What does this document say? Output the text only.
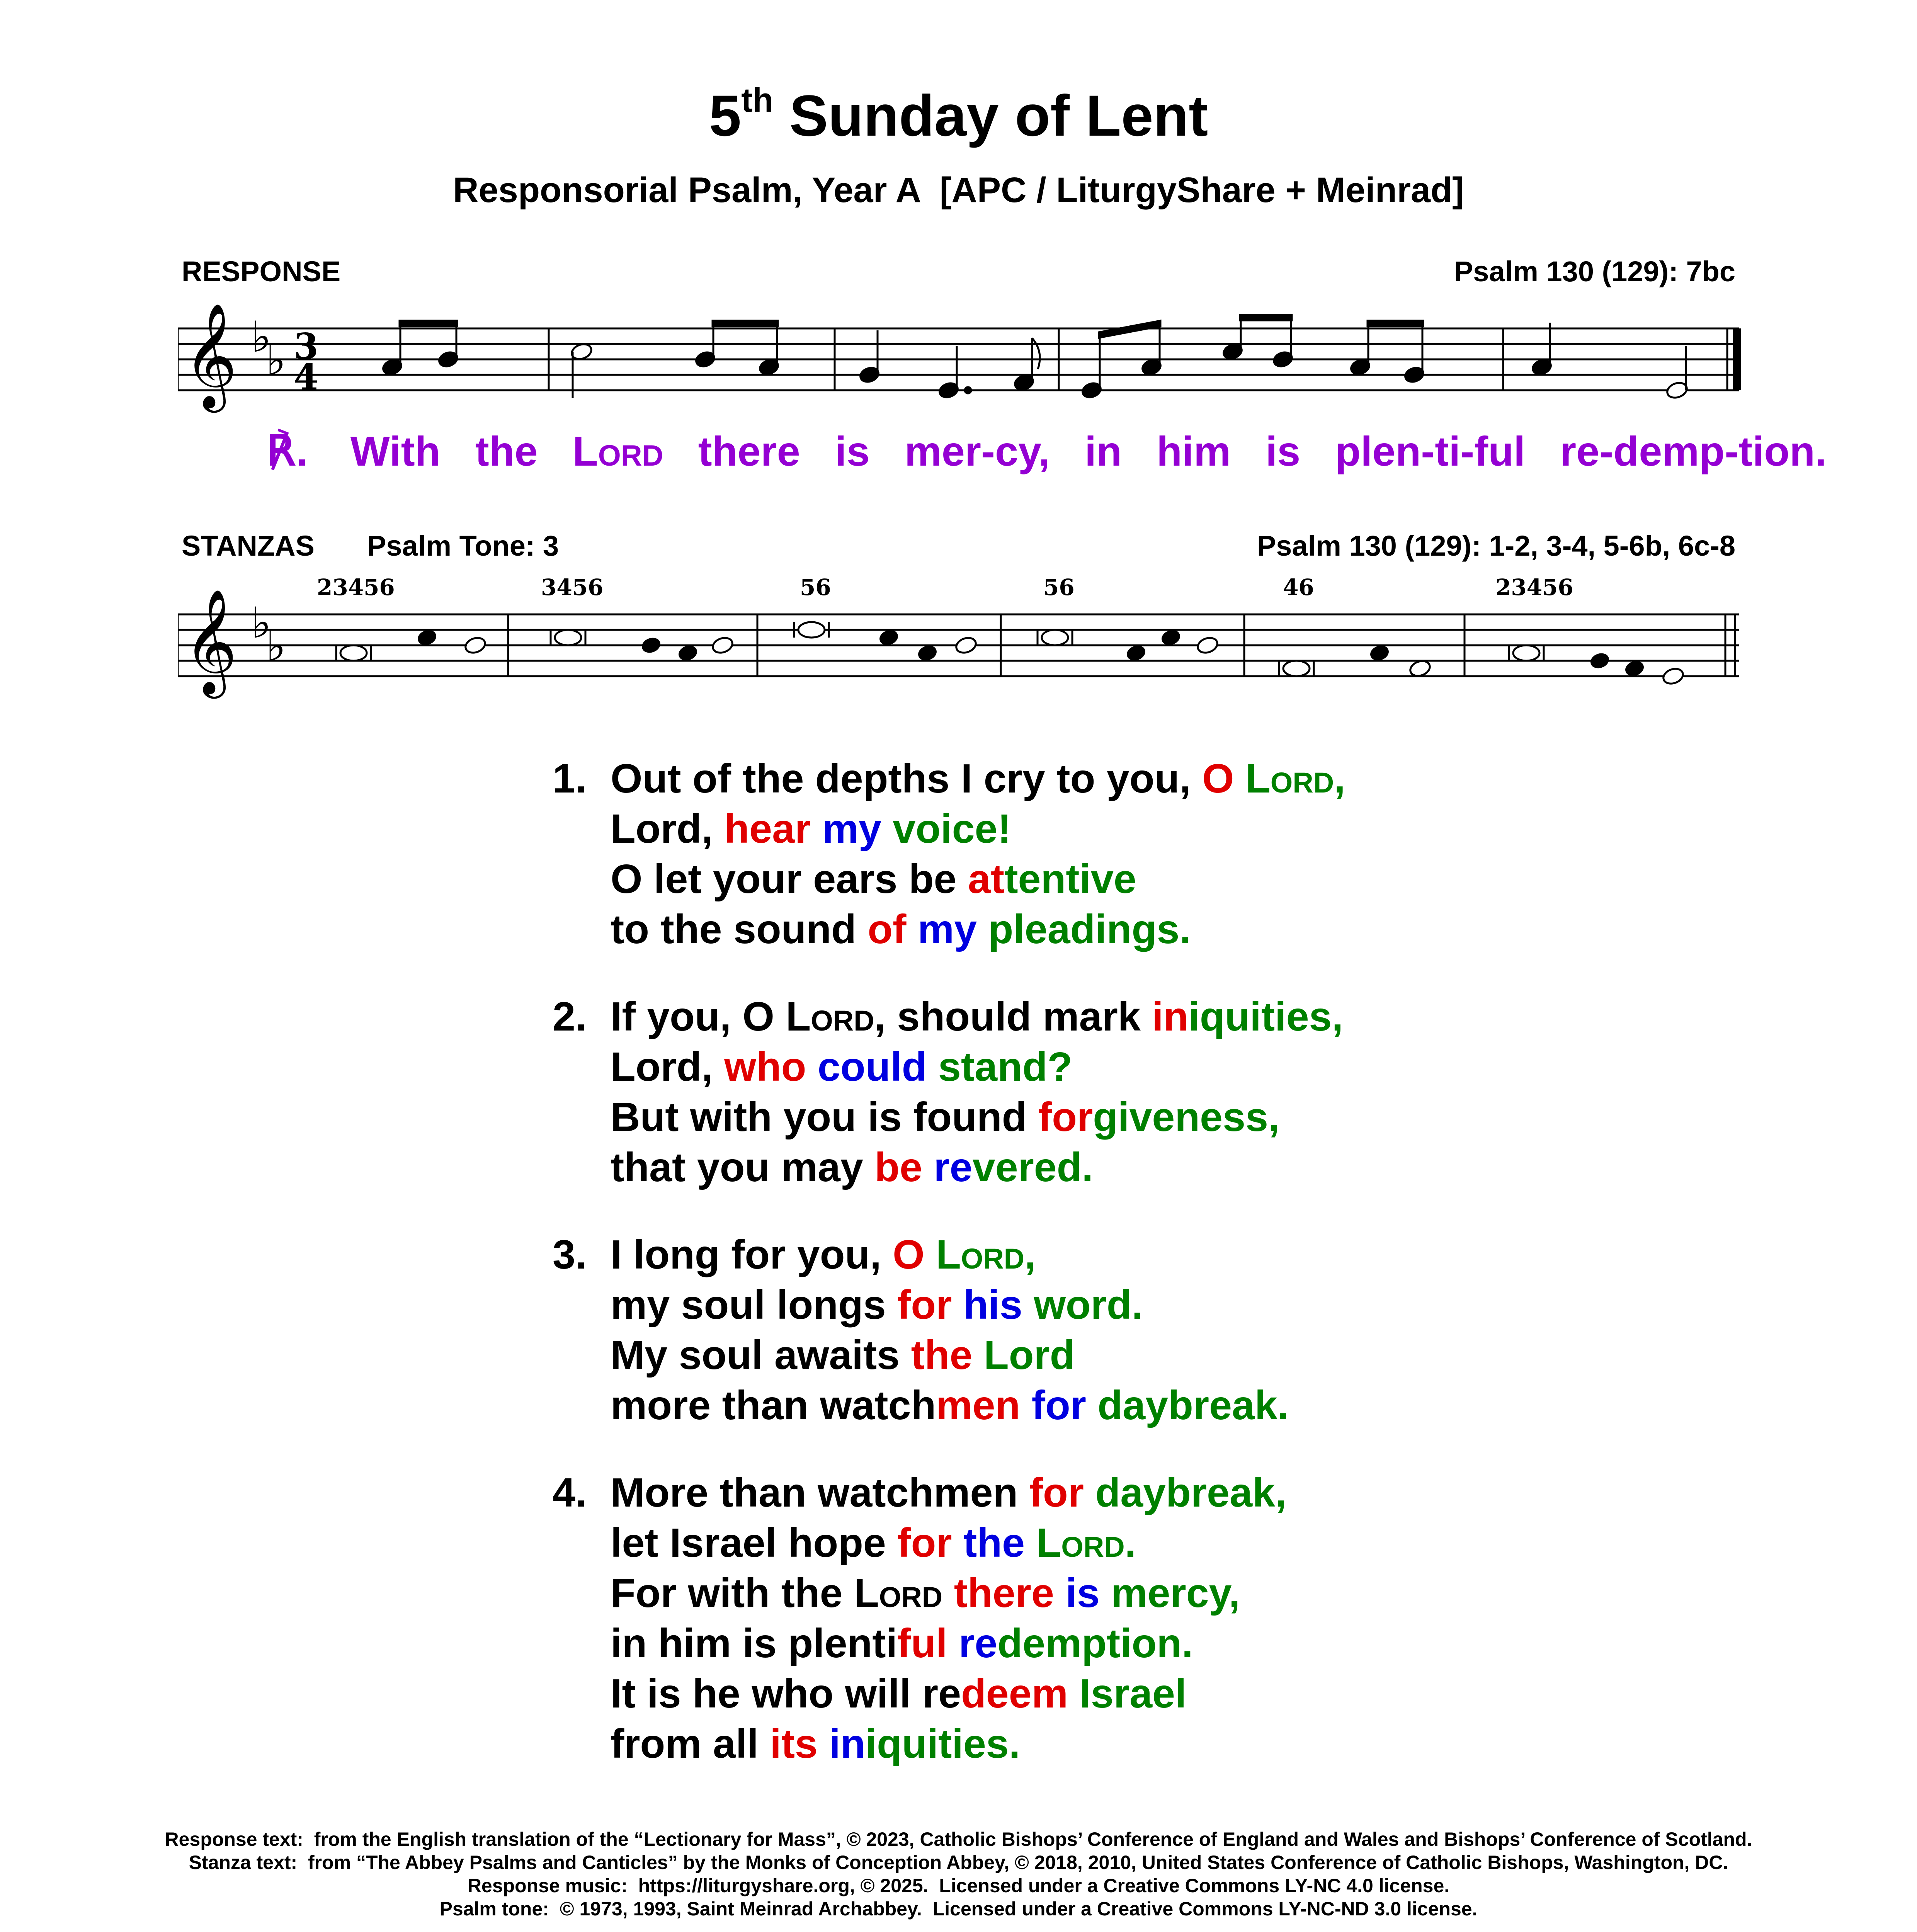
5th Sunday of Lent
Responsorial Psalm, Year A  [APC / LiturgyShare + Meinrad]
RESPONSE	Psalm 130 (129): 7bc
𝄞 ♭
♭ 3
4
℟. With the Lord there is mer-cy, in him is plen-ti-ful re-demp-tion.
STANZAS Psalm Tone: 3	Psalm 130 (129): 1-2, 3-4, 5-6b, 6c-8
𝄞 ♭
♭
23456	3456	56	56	46	23456
1. Out of the depths I cry to you, O Lord,
Lord, hear my voice!
O let your ears be attentive
to the sound of my pleadings.
2. If you, O Lord, should mark iniquities,
Lord, who could stand?
But with you is found forgiveness,
that you may be revered.
3. I long for you, O Lord,
my soul longs for his word.
My soul awaits the Lord
more than watchmen for daybreak.
4. More than watchmen for daybreak,
let Israel hope for the Lord.
For with the Lord there is mercy,
in him is plentiful redemption.
It is he who will redeem Israel
from all its iniquities.
Response text:  from the English translation of the “Lectionary for Mass”, © 2023, Catholic Bishops’ Conference of England and Wales and Bishops’ Conference of Scotland.
Stanza text:  from “The Abbey Psalms and Canticles” by the Monks of Conception Abbey, © 2018, 2010, United States Conference of Catholic Bishops, Washington, DC.
Response music:  https://liturgyshare.org, © 2025.  Licensed under a Creative Commons LY-NC 4.0 license.
Psalm tone:  © 1973, 1993, Saint Meinrad Archabbey.  Licensed under a Creative Commons LY-NC-ND 3.0 license.
